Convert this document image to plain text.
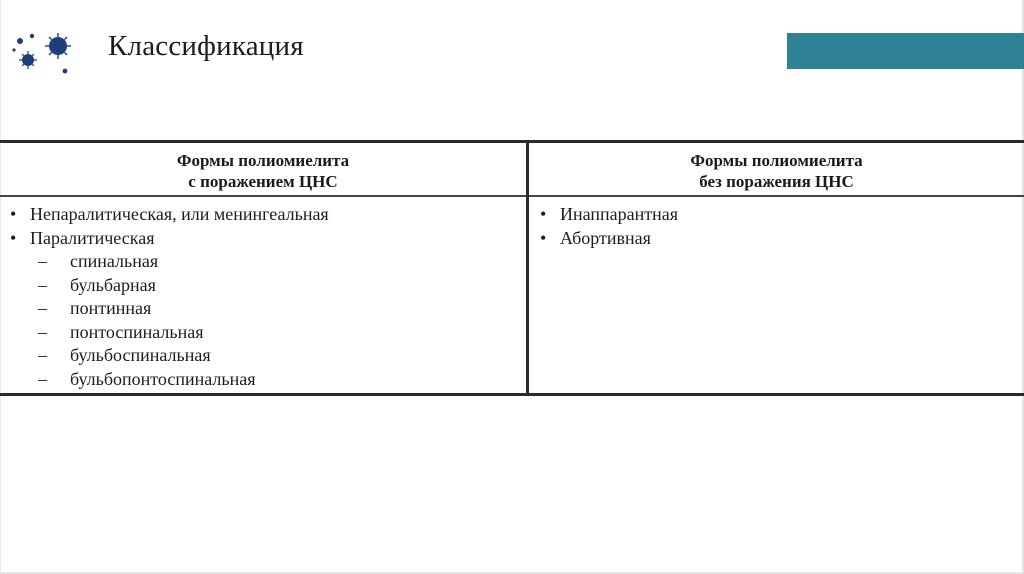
Классификация
Формы полиомиелита
с поражением ЦНС
Формы полиомиелита
без поражения ЦНС
• Непаралитическая, или менингеальная
• Паралитическая
– спинальная
– бульбарная
– понтинная
– понтоспинальная
– бульбоспинальная
– бульбопонтоспинальная
• Инаппарантная
• Абортивная
